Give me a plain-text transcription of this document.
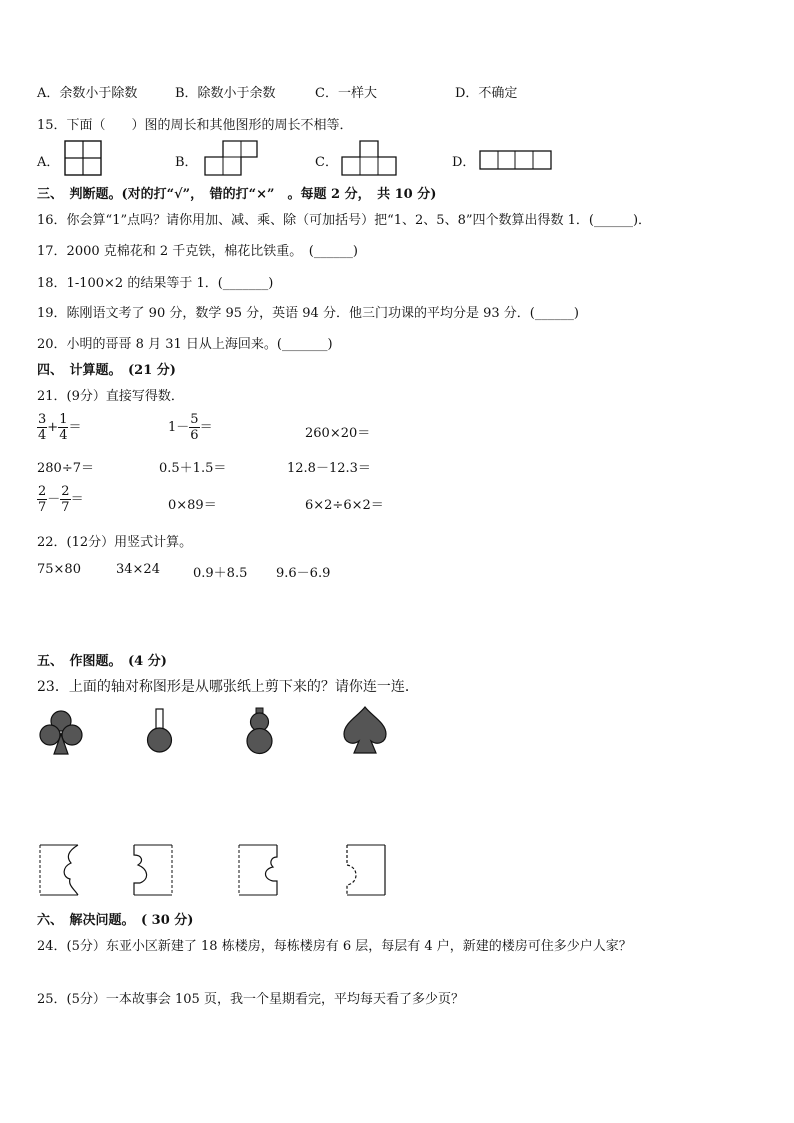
A．余数小于除数	B．除数小于余数	C．一样大	D．不确定
15．下面（　　）图的周长和其他图形的周长不相等．
A．	B．	C．	D．
三、　判断题。(对的打“√”，　错的打“×”　。每题 2 分，　共 10 分)
16．你会算“1”点吗？请你用加、减、乘、除（可加括号）把“1、2、5、8”四个数算出得数 1．(______)．
17．2000 克棉花和 2 千克铁，棉花比铁重。　(______)
18．1-100×2 的结果等于 1．(_______)
19．陈刚语文考了 90 分，数学 95 分，英语 94 分．他三门功课的平均分是 93 分．(______)
20．小明的哥哥 8 月 31 日从上海回来。(_______)
四、　计算题。　(21 分)
21．(9分）直接写得数．
$\frac{3}{4} + \frac{1}{4}$ ＝	$1- \frac{5}{6}$ ＝	260×20＝
280÷7＝	0.5＋1.5＝	12.8－12.3＝
$\frac{2}{7} - \frac{2}{7}$ ＝	0×89＝	6×2÷6×2＝
22．(12分）用竖式计算。
75×80	34×24	0.9＋8.5 9.6－6.9
五、　作图题。　(4 分)
23．上面的轴对称图形是从哪张纸上剪下来的？请你连一连．
六、　解决问题。　( 30 分)
24．(5分）东亚小区新建了 18 栋楼房，每栋楼房有 6 层，每层有 4 户，新建的楼房可住多少户人家？
25．(5分）一本故事会 105 页，我一个星期看完，平均每天看了多少页？
